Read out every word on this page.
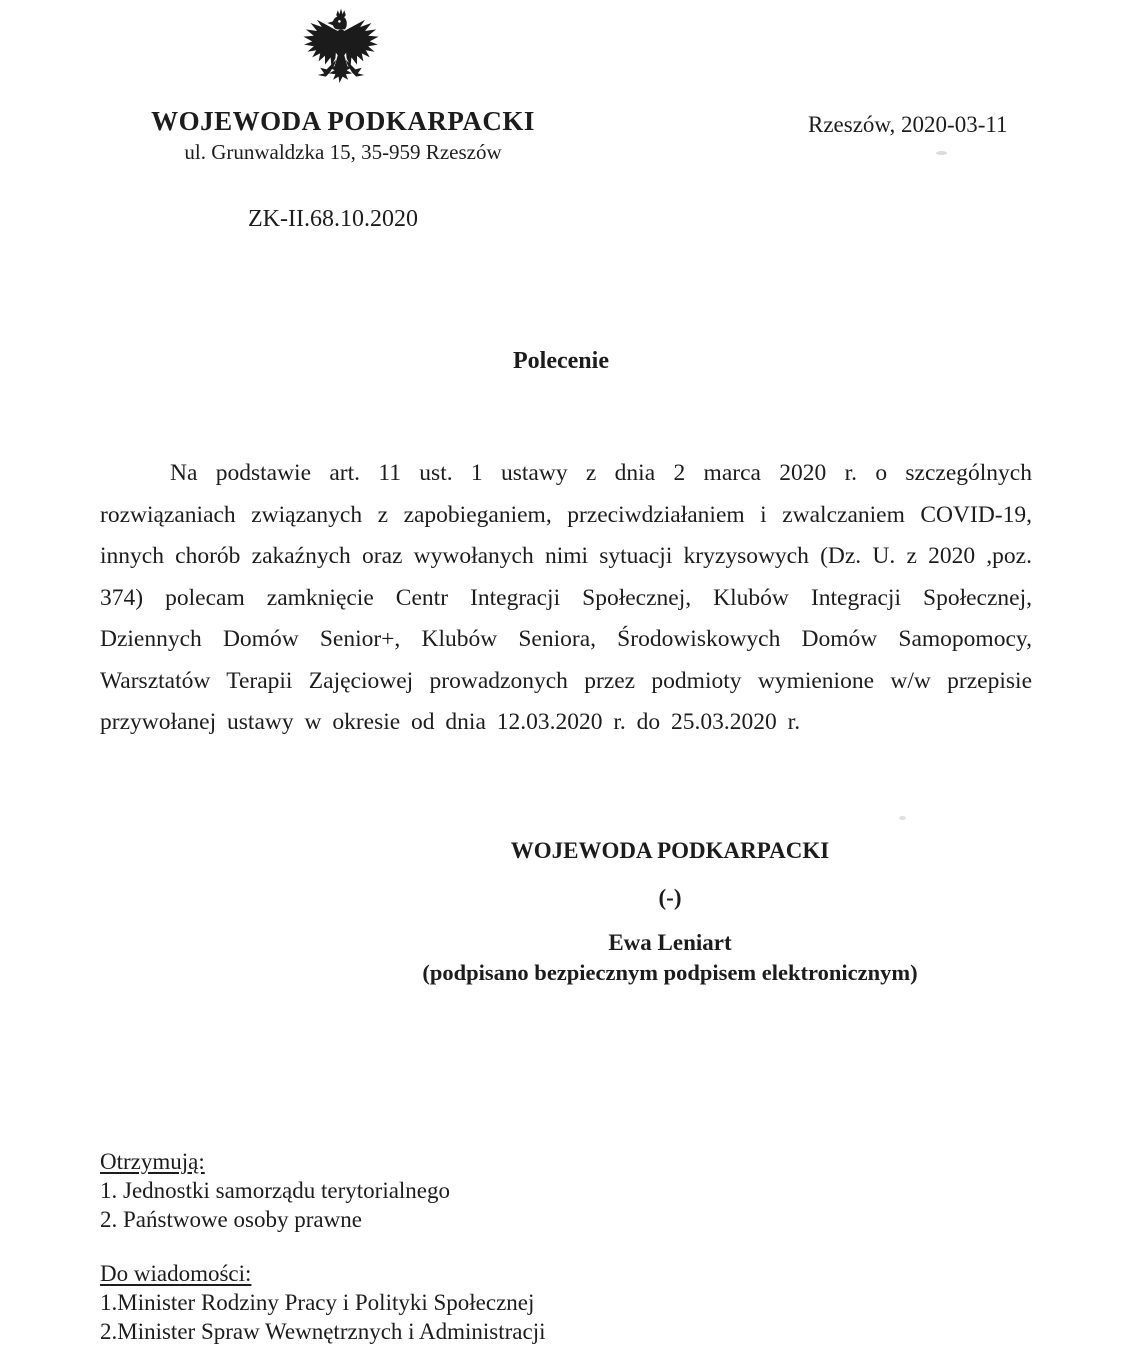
WOJEWODA PODKARPACKI
ul. Grunwaldzka 15, 35-959 Rzeszów
Rzeszów, 2020-03-11
ZK-II.68.10.2020
Polecenie
Na podstawie art. 11 ust. 1 ustawy z dnia 2 marca 2020 r. o szczególnych
rozwiązaniach związanych z zapobieganiem, przeciwdziałaniem i zwalczaniem COVID-19,
innych chorób zakaźnych oraz wywołanych nimi sytuacji kryzysowych (Dz. U. z 2020 ,poz.
374) polecam zamknięcie Centr Integracji Społecznej, Klubów Integracji Społecznej,
Dziennych Domów Senior+, Klubów Seniora, Środowiskowych Domów Samopomocy,
Warsztatów Terapii Zajęciowej prowadzonych przez podmioty wymienione w/w przepisie
przywołanej ustawy w okresie od dnia 12.03.2020 r. do 25.03.2020 r.
WOJEWODA PODKARPACKI
(-)
Ewa Leniart
(podpisano bezpiecznym podpisem elektronicznym)
Otrzymują:
1. Jednostki samorządu terytorialnego
2. Państwowe osoby prawne
Do wiadomości:
1.Minister Rodziny Pracy i Polityki Społecznej
2.Minister Spraw Wewnętrznych i Administracji
